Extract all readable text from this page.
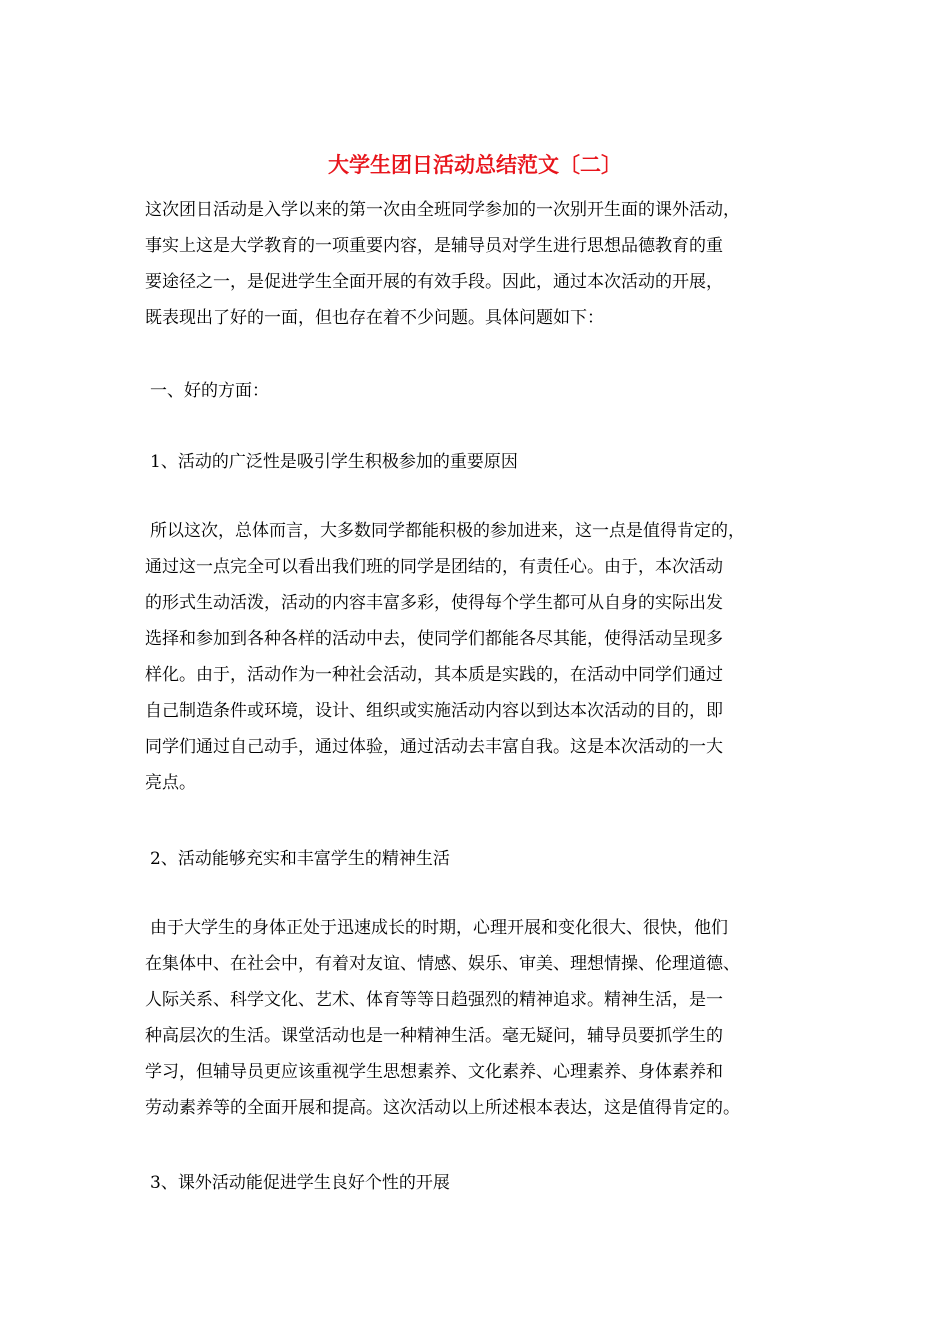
大学生团日活动总结范文〔二〕
这次团日活动是入学以来的第一次由全班同学参加的一次别开生面的课外活动，
事实上这是大学教育的一项重要内容，是辅导员对学生进行思想品德教育的重
要途径之一，是促进学生全面开展的有效手段。因此，通过本次活动的开展，
既表现出了好的一面，但也存在着不少问题。具体问题如下：
一、好的方面：
1、活动的广泛性是吸引学生积极参加的重要原因
所以这次，总体而言，大多数同学都能积极的参加进来，这一点是值得肯定的，
通过这一点完全可以看出我们班的同学是团结的，有责任心。由于，本次活动
的形式生动活泼，活动的内容丰富多彩，使得每个学生都可从自身的实际出发
选择和参加到各种各样的活动中去，使同学们都能各尽其能，使得活动呈现多
样化。由于，活动作为一种社会活动，其本质是实践的，在活动中同学们通过
自己制造条件或环境，设计、组织或实施活动内容以到达本次活动的目的，即
同学们通过自己动手，通过体验，通过活动去丰富自我。这是本次活动的一大
亮点。
2、活动能够充实和丰富学生的精神生活
由于大学生的身体正处于迅速成长的时期，心理开展和变化很大、很快，他们
在集体中、在社会中，有着对友谊、情感、娱乐、审美、理想情操、伦理道德、
人际关系、科学文化、艺术、体育等等日趋强烈的精神追求。精神生活，是一
种高层次的生活。课堂活动也是一种精神生活。毫无疑问，辅导员要抓学生的
学习，但辅导员更应该重视学生思想素养、文化素养、心理素养、身体素养和
劳动素养等的全面开展和提高。这次活动以上所述根本表达，这是值得肯定的。
3、课外活动能促进学生良好个性的开展
